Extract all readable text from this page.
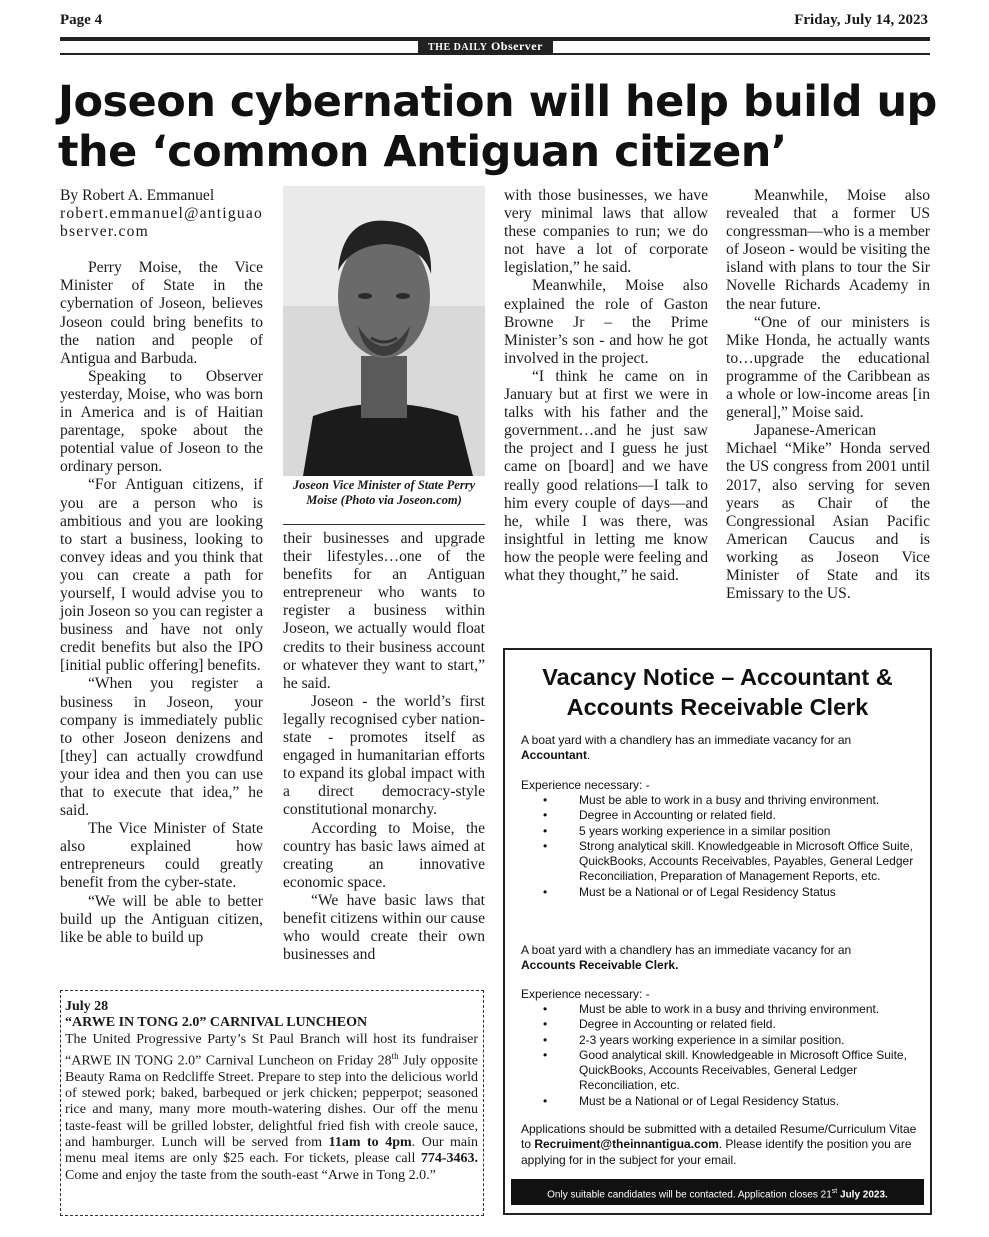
Page 4	Friday, July 14, 2023
THE DAILY Observer
Joseon cybernation will help build up the ‘common Antiguan citizen’

By Robert A. Emmanuel

robert.emmanuel@antiguaobserver.com

Perry Moise, the Vice Minister of State in the cybernation of Joseon, believes Joseon could bring benefits to the nation and people of Antigua and Barbuda.

Speaking to Observer yesterday, Moise, who was born in America and is of Haitian parentage, spoke about the potential value of Joseon to the ordinary person.

“For Antiguan citizens, if you are a person who is ambitious and you are looking to start a business, looking to convey ideas and you think that you can create a path for yourself, I would advise you to join Joseon so you can register a business and have not only credit benefits but also the IPO [initial public offering] benefits.

“When you register a business in Joseon, your company is immediately public to other Joseon denizens and [they] can actually crowdfund your idea and then you can use that to execute that idea,” he said.

The Vice Minister of State also explained how entrepreneurs could greatly benefit from the cyber-state.

“We will be able to better build up the Antiguan citizen, like be able to build up

Joseon Vice Minister of State Perry Moise (Photo via Joseon.com)

their businesses and upgrade their lifestyles…one of the benefits for an Antiguan entrepreneur who wants to register a business within Joseon, we actually would float credits to their business account or whatever they want to start,” he said.

Joseon - the world’s first legally recognised cyber nation-state - promotes itself as engaged in humanitarian efforts to expand its global impact with a direct democracy-style constitutional monarchy.

According to Moise, the country has basic laws aimed at creating an innovative economic space.

“We have basic laws that benefit citizens within our cause who would create their own businesses and

with those businesses, we have very minimal laws that allow these companies to run; we do not have a lot of corporate legislation,” he said.

Meanwhile, Moise also explained the role of Gaston Browne Jr – the Prime Minister’s son - and how he got involved in the project.

“I think he came on in January but at first we were in talks with his father and the government…and he just saw the project and I guess he just came on [board] and we have really good relations—I talk to him every couple of days—and he, while I was there, was insightful in letting me know how the people were feeling and what they thought,” he said.

Meanwhile, Moise also revealed that a former US congressman—who is a member of Joseon - would be visiting the island with plans to tour the Sir Novelle Richards Academy in the near future.

“One of our ministers is Mike Honda, he actually wants to…upgrade the educational programme of the Caribbean as a whole or low-income areas [in general],” Moise said.

Japanese-American Michael “Mike” Honda served the US congress from 2001 until 2017, also serving for seven years as Chair of the Congressional Asian Pacific American Caucus and is working as Joseon Vice Minister of State and its Emissary to the US.

July 28
“ARWE IN TONG 2.0” CARNIVAL LUNCHEON
The United Progressive Party’s St Paul Branch will host its fundraiser “ARWE IN TONG 2.0” Carnival Luncheon on Friday 28th July opposite Beauty Rama on Redcliffe Street. Prepare to step into the delicious world of stewed pork; baked, barbequed or jerk chicken; pepperpot; seasoned rice and many, many more mouth-watering dishes. Our off the menu taste-feast will be grilled lobster, delightful fried fish with creole sauce, and hamburger. Lunch will be served from 11am to 4pm. Our main menu meal items are only $25 each. For tickets, please call 774-3463. Come and enjoy the taste from the south-east “Arwe in Tong 2.0.”
Vacancy Notice – Accountant &
Accounts Receivable Clerk
A boat yard with a chandlery has an immediate vacancy for an
Accountant.
Experience necessary: -
• Must be able to work in a busy and thriving environment.
• Degree in Accounting or related field.
• 5 years working experience in a similar position
• Strong analytical skill. Knowledgeable in Microsoft Office Suite, QuickBooks, Accounts Receivables, Payables, General Ledger Reconciliation, Preparation of Management Reports, etc.
• Must be a National or of Legal Residency Status
A boat yard with a chandlery has an immediate vacancy for an
Accounts Receivable Clerk.
Experience necessary: -
• Must be able to work in a busy and thriving environment.
• Degree in Accounting or related field.
• 2-3 years working experience in a similar position.
• Good analytical skill. Knowledgeable in Microsoft Office Suite, QuickBooks, Accounts Receivables, General Ledger Reconciliation, etc.
• Must be a National or of Legal Residency Status.
Applications should be submitted with a detailed Resume/Curriculum Vitae to Recruiment@theinnantigua.com. Please identify the position you are applying for in the subject for your email.
Only suitable candidates will be contacted. Application closes 21st July 2023.
